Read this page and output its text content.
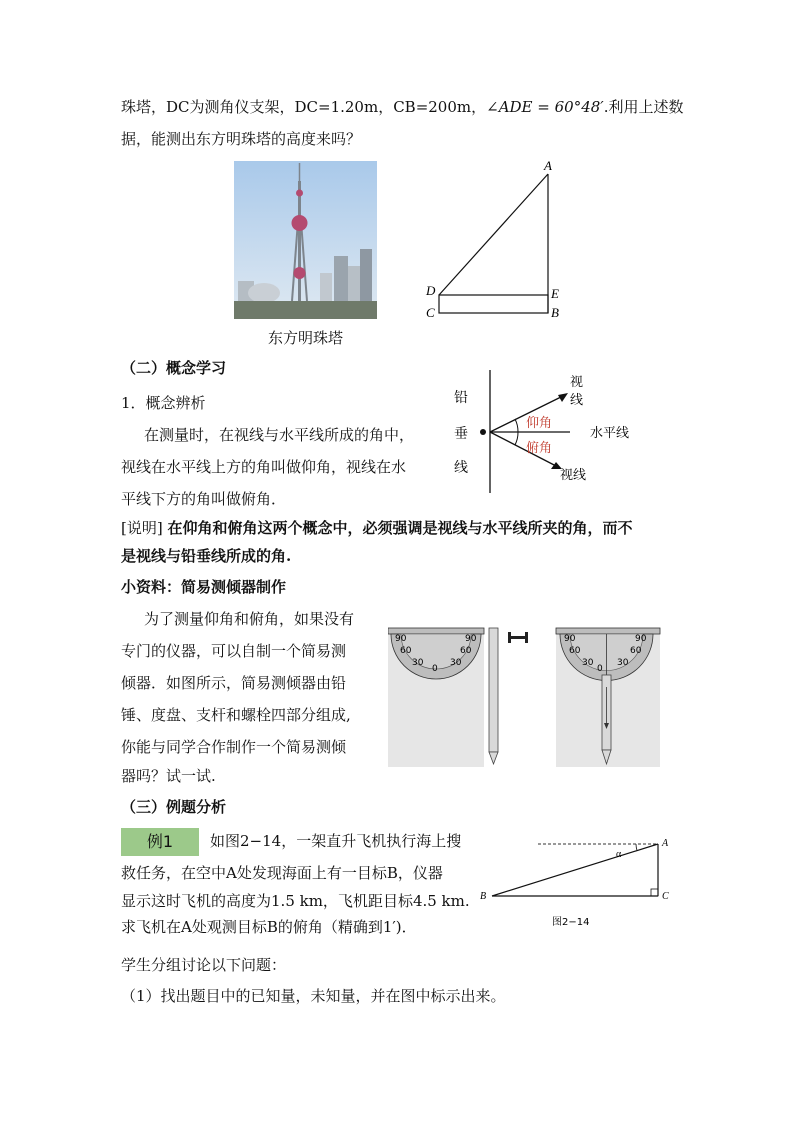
珠塔，DC为测角仪支架，DC=1.20m，CB=200m，∠ADE = 60°48′.利用上述数
据，能测出东方明珠塔的高度来吗？
东方明珠塔
A
D	E
C	B
（二）概念学习
1．概念辨析
在测量时，在视线与水平线所成的角中，
视线在水平线上方的角叫做仰角，视线在水
平线下方的角叫做俯角．
铅
垂
线
视
线
水平线
视线
仰角
俯角
[说明] 在仰角和俯角这两个概念中，必须强调是视线与水平线所夹的角，而不
是视线与铅垂线所成的角.
小资料：简易测倾器制作
为了测量仰角和俯角，如果没有
专门的仪器，可以自制一个简易测
倾器．如图所示，简易测倾器由铅
锤、度盘、支杆和螺栓四部分组成,
你能与同学合作制作一个简易测倾
器吗？试一试.
90
60
30
0
30
60
90	90
60
30
0
30
60
90
（三）例题分析
例1	如图2−14，一架直升飞机执行海上搜
救任务，在空中A处发现海面上有一目标B，仪器
显示这时飞机的高度为1.5 km，飞机距目标4.5 km.
求飞机在A处观测目标B的俯角（精确到1′)．
A
B	C
α
图2−14
学生分组讨论以下问题：
（1）找出题目中的已知量，未知量，并在图中标示出来。
